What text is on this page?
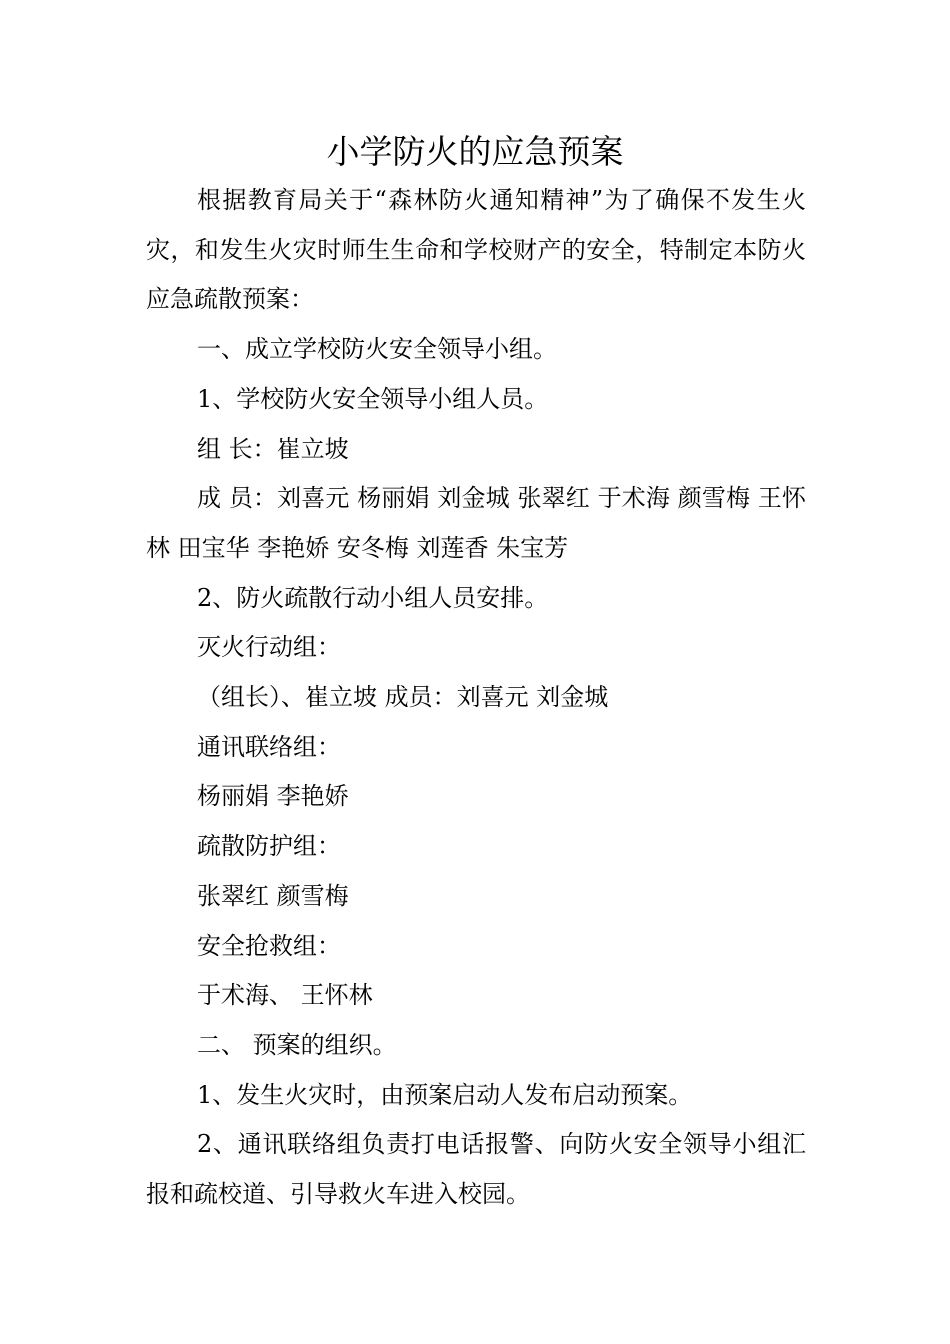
小学防火的应急预案

根据教育局关于“森林防火通知精神”为了确保不发生火灾，和发生火灾时师生生命和学校财产的安全，特制定本防火应急疏散预案：

一、成立学校防火安全领导小组。

1、学校防火安全领导小组人员。

组 长：崔立坡

成 员：刘喜元 杨丽娟 刘金城 张翠红 于术海 颜雪梅 王怀林 田宝华 李艳娇 安冬梅 刘莲香 朱宝芳

2、防火疏散行动小组人员安排。

灭火行动组：

（组长）、崔立坡 成员：刘喜元 刘金城

通讯联络组：

杨丽娟 李艳娇

疏散防护组：

张翠红 颜雪梅

安全抢救组：

于术海、 王怀林

二、 预案的组织。

1、发生火灾时，由预案启动人发布启动预案。

2、通讯联络组负责打电话报警、向防火安全领导小组汇报和疏校道、引导救火车进入校园。
